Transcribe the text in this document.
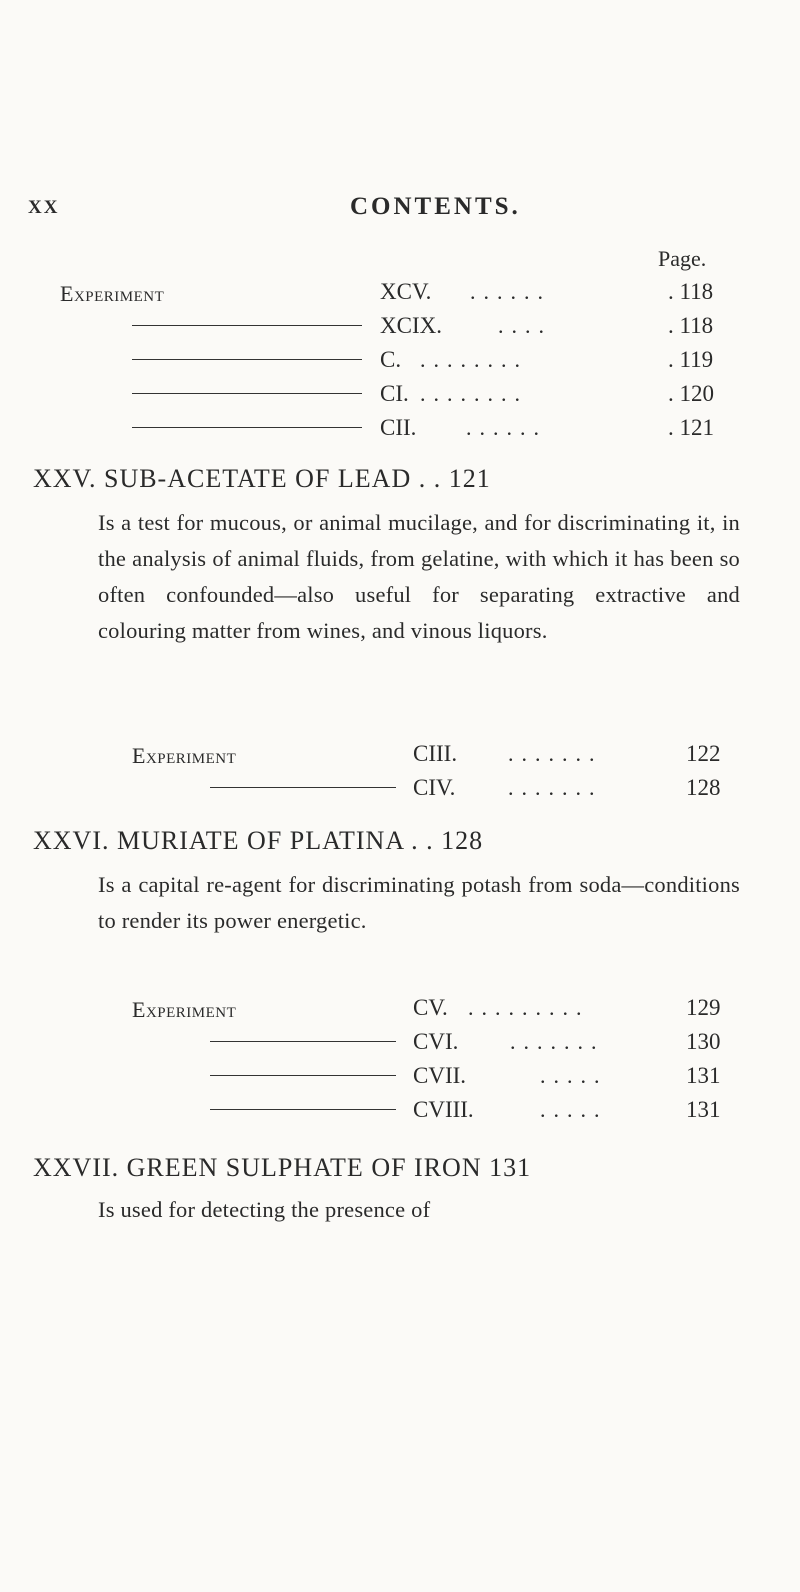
XX	CONTENTS.
Page.
Experiment	XCV. ......	. 118
XCIX.	....	. 118
C. ........	. 119
CI. ........	. 120
CII. ......	. 121
XXV. SUB-ACETATE OF LEAD . . 121
Is a test for mucous, or animal mucilage, and for discriminating it, in the analysis of animal fluids, from gelatine, with which it has been so often confounded—also useful for separating extractive and colouring matter from wines, and vinous liquors.
Experiment	CIII. .......	122
CIV. .......	128
XXVI. MURIATE OF PLATINA . . 128
Is a capital re-agent for discriminating potash from soda—conditions to render its power energetic.
Experiment	CV. .........	129
CVI. .......	130
CVII.	.....	131
CVIII.	.....	131
XXVII. GREEN SULPHATE OF IRON 131
Is used for detecting the presence of
